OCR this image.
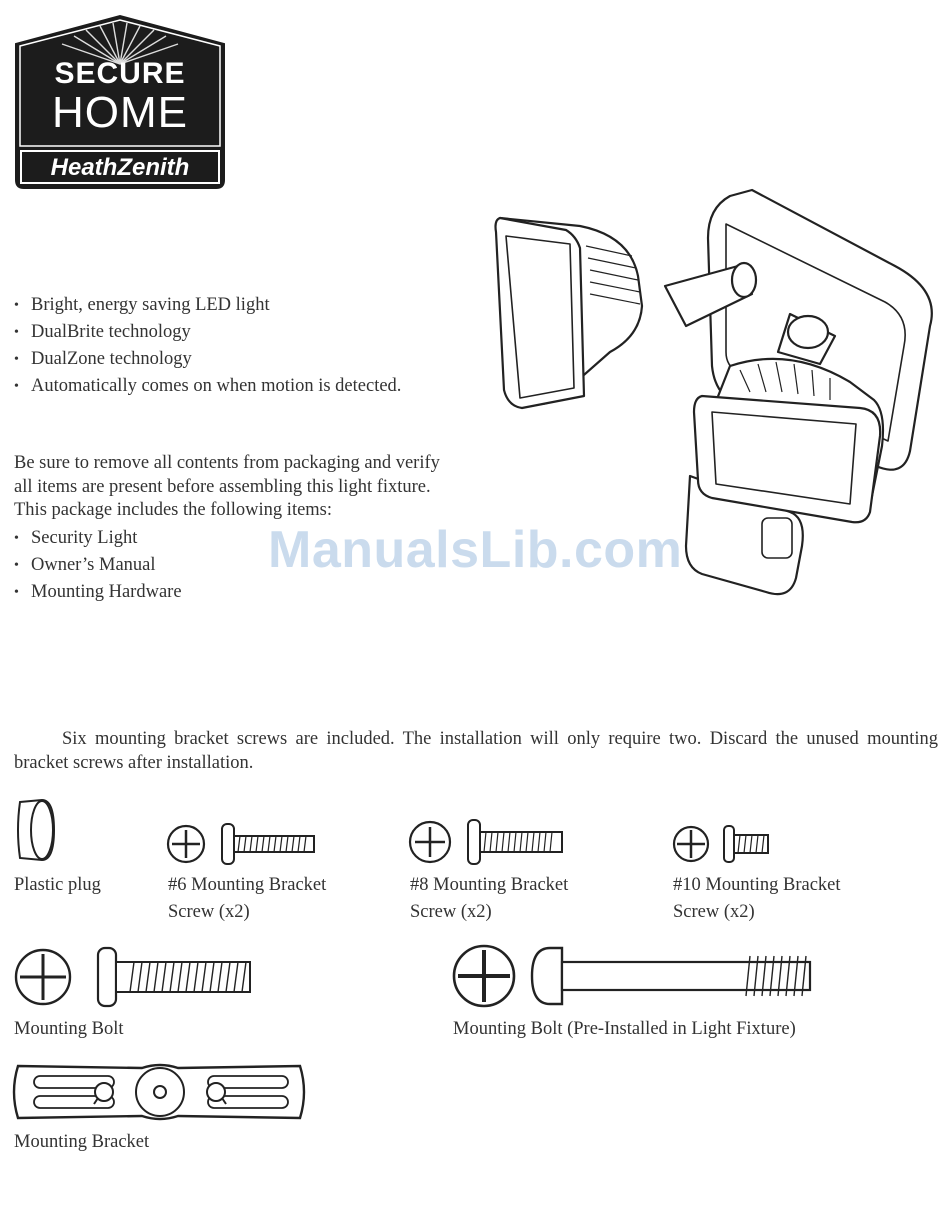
SECURE
HOME
HeathZenith
• Bright, energy saving LED light
• DualBrite technology
• DualZone technology
• Automatically comes on when motion is detected.
Be sure to remove all contents from packaging and verify all items are present before assembling this light fixture. This package includes the following items:
• Security Light
• Owner’s Manual
• Mounting Hardware
ManualsLib.com
Six mounting bracket screws are included. The installation will only require two. Discard the unused mounting bracket screws after installation.
Plastic plug	#6 Mounting Bracket
Screw (x2)
#8 Mounting Bracket
Screw (x2)
#10 Mounting Bracket
Screw (x2)
Mounting Bolt	Mounting Bolt (Pre-Installed in Light Fixture)
Mounting Bracket
